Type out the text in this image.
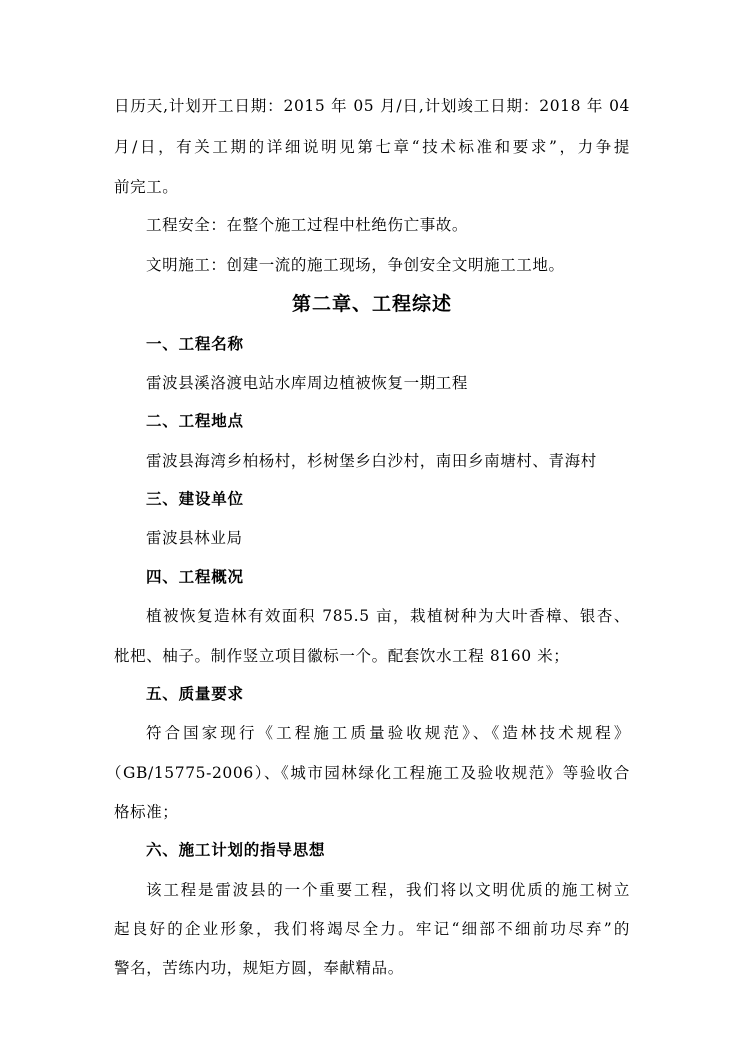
日历天,计划开工日期：2015 年 05 月/日,计划竣工日期：2018 年 04
月/日，有关工期的详细说明见第七章“技术标准和要求”，力争提
前完工。
工程安全：在整个施工过程中杜绝伤亡事故。
文明施工：创建一流的施工现场，争创安全文明施工工地。
第二章、工程综述
一、工程名称
雷波县溪洛渡电站水库周边植被恢复一期工程
二、工程地点
雷波县海湾乡柏杨村，杉树堡乡白沙村，南田乡南塘村、青海村
三、建设单位
雷波县林业局
四、工程概况
植被恢复造林有效面积 785.5 亩，栽植树种为大叶香樟、银杏、
枇杷、柚子。制作竖立项目徽标一个。配套饮水工程 8160 米；
五、质量要求
符合国家现行《工程施工质量验收规范》、《造林技术规程》
（GB/15775-2006）、《城市园林绿化工程施工及验收规范》等验收合
格标准；
六、施工计划的指导思想
该工程是雷波县的一个重要工程，我们将以文明优质的施工树立
起良好的企业形象，我们将竭尽全力。牢记“细部不细前功尽弃”的
警名，苦练内功，规矩方圆，奉献精品。
